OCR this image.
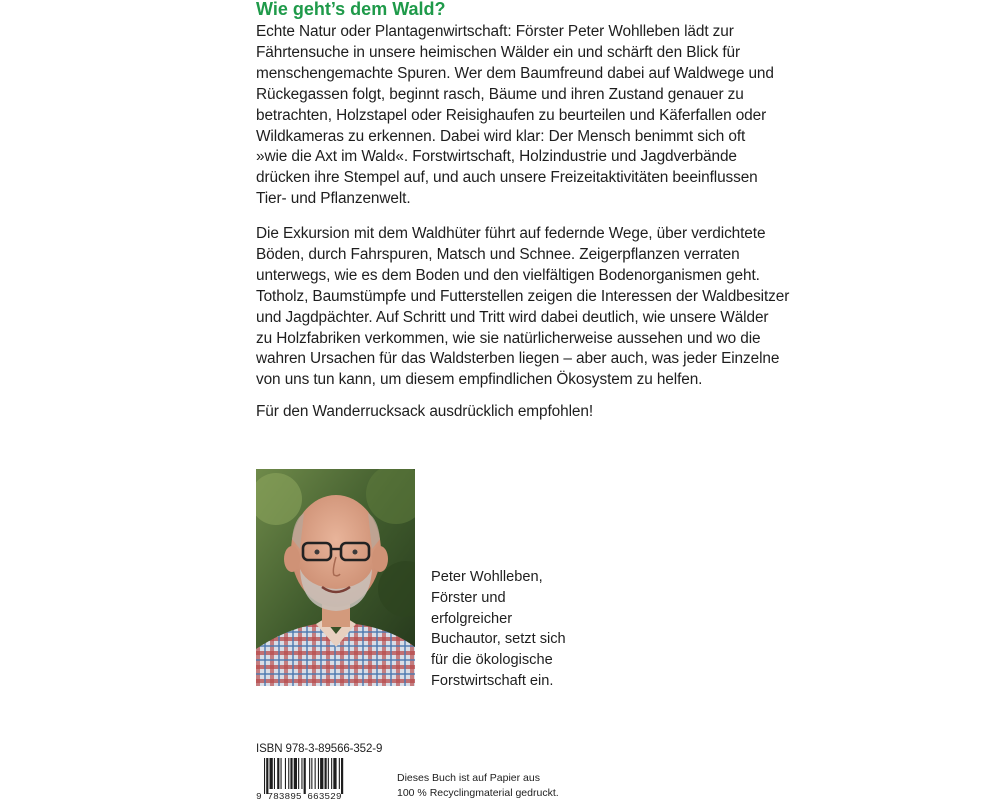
Wie geht’s dem Wald?

Echte Natur oder Plantagenwirtschaft: Förster Peter Wohlleben lädt zur
Fährtensuche in unsere heimischen Wälder ein und schärft den Blick für
menschengemachte Spuren. Wer dem Baumfreund dabei auf Waldwege und
Rückegassen folgt, beginnt rasch, Bäume und ihren Zustand genauer zu
betrachten, Holzstapel oder Reisighaufen zu beurteilen und Käferfallen oder
Wildkameras zu erkennen. Dabei wird klar: Der Mensch benimmt sich oft
»wie die Axt im Wald«. Forstwirtschaft, Holzindustrie und Jagdverbände
drücken ihre Stempel auf, und auch unsere Freizeitaktivitäten beeinflussen
Tier- und Pflanzenwelt.

Die Exkursion mit dem Waldhüter führt auf federnde Wege, über verdichtete
Böden, durch Fahrspuren, Matsch und Schnee. Zeigerpflanzen verraten
unterwegs, wie es dem Boden und den vielfältigen Bodenorganismen geht.
Totholz, Baumstümpfe und Futterstellen zeigen die Interessen der Waldbesitzer
und Jagdpächter. Auf Schritt und Tritt wird dabei deutlich, wie unsere Wälder
zu Holzfabriken verkommen, wie sie natürlicherweise aussehen und wo die
wahren Ursachen für das Waldsterben liegen – aber auch, was jeder Einzelne
von uns tun kann, um diesem empfindlichen Ökosystem zu helfen.

Für den Wanderrucksack ausdrücklich empfohlen!

Peter Wohlleben,
Förster und
erfolgreicher
Buchautor, setzt sich
für die ökologische
Forstwirtschaft ein.
ISBN 978-3-89566-352-9
9 783895 663529
Dieses Buch ist auf Papier aus
100 % Recyclingmaterial gedruckt.
